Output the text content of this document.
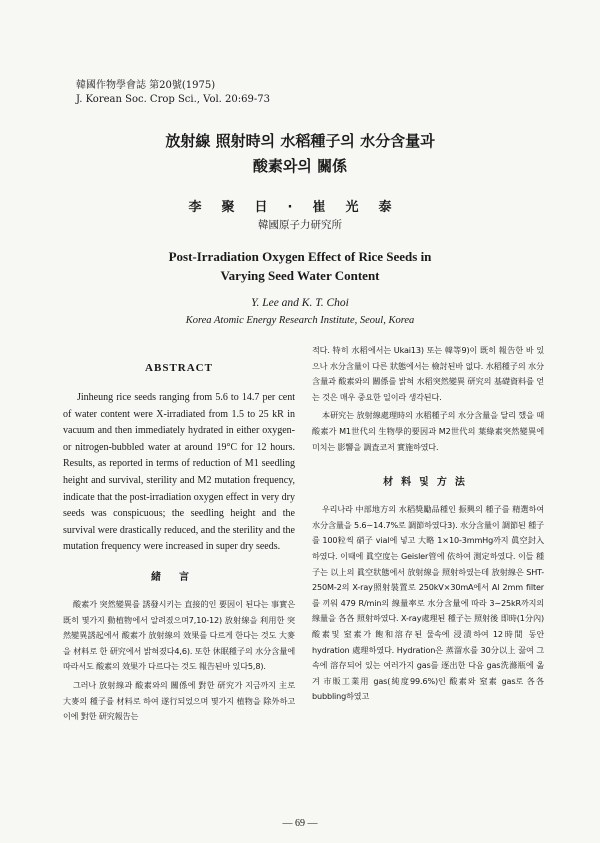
韓國作物學會誌 第20號(1975)
J. Korean Soc. Crop Sci., Vol. 20:69-73
放射線 照射時의 水稻種子의 水分含量과
酸素와의 關係
李聚日·崔光泰
韓國原子力研究所
Post-Irradiation Oxygen Effect of Rice Seeds in
Varying Seed Water Content
Y. Lee and K. T. Choi
Korea Atomic Energy Research Institute, Seoul, Korea
ABSTRACT

Jinheung rice seeds ranging from 5.6 to 14.7 per cent of water content were X-irradiated from 1.5 to 25 kR in vacuum and then immediately hydrated in either oxygen- or nitrogen-bubbled water at around 19°C for 12 hours. Results, as reported in terms of reduction of M1 seedling height and survival, sterility and M2 mutation frequency, indicate that the post-irradiation oxygen effect in very dry seeds was conspicuous; the seedling height and the survival were drastically reduced, and the sterility and the mutation frequency were increased in super dry seeds.

緒言

酸素가 突然變異를 誘發시키는 直接的인 要因이 된다는 事實은 既히 몇가지 動植物에서 알려졌으며7,10-12) 放射線을 利用한 突然變異誘起에서 酸素가 放射線의 效果를 다르게 한다는 것도 大麥을 材料로 한 研究에서 밝혀졌다4,6). 또한 休眠種子의 水分含量에 따라서도 酸素의 效果가 다르다는 것도 報告된바 있다5,8).

그러나 放射線과 酸素와의 關係에 對한 研究가 지금까지 主로 大麥의 種子를 材料로 하여 遂行되었으며 몇가지 植物을 除外하고 이에 對한 研究報告는

적다. 特히 水稻에서는 Ukai13) 또는 韓等9)이 既히 報告한 바 있으나 水分含量이 다른 狀態에서는 檢討된바 없다. 水稻種子의 水分含量과 酸素와의 關係를 밝혀 水稻突然變異 研究의 基礎資料를 얻는 것은 매우 중요한 일이라 생각된다.

本研究는 放射線處理時의 水稻種子의 水分含量을 달리 했을 때 酸素가 M1世代의 生物學的要因과 M2世代의 葉綠素突然變異에 미치는 影響을 調査코저 實施하였다.

材料및方法

우리나라 中部地方의 水稻獎勵品種인 振興의 種子를 精選하여 水分含量을 5.6∼14.7%로 調節하였다3). 水分含量이 調節된 種子를 100粒씩 硝子 vial에 넣고 大略 1×10-3mmHg까지 眞空封入하였다. 이때에 眞空度는 Geisler管에 依하여 測定하였다. 이들 種子는 以上의 眞空狀態에서 放射線을 照射하였는데 放射線은 SHT-250M-2의 X-ray照射裝置로 250kV×30mA에서 Al 2mm filter를 끼워 479 R/min의 線量率로 水分含量에 따라 3∼25kR까지의 線量을 各各 照射하였다. X-ray處理된 種子는 照射後 即時(1分內) 酸素및 窒素가 飽和溶存된 물속에 浸漬하여 12時間 동안 hydration 處理하였다. Hydration은 蒸溜水를 30分以上 끓여 그 속에 溶存되어 있는 여러가지 gas를 逐出한 다음 gas洗滌瓶에 옮겨 市販工業用 gas(純度99.6%)인 酸素와 窒素 gas로 各各 bubbling하였고

— 69 —
